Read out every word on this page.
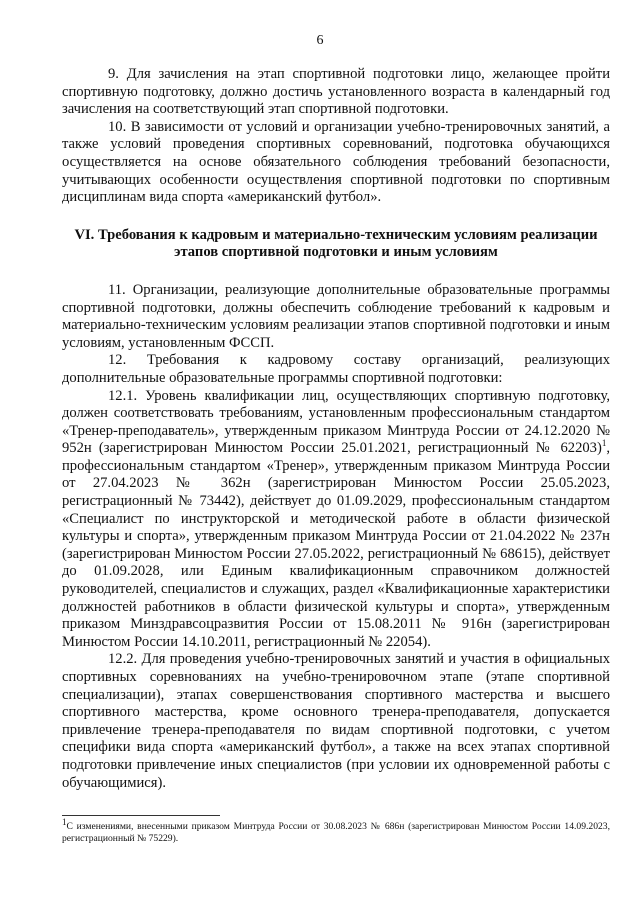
6

9. Для зачисления на этап спортивной подготовки лицо, желающее пройти спортивную подготовку, должно достичь установленного возраста в календарный год зачисления на соответствующий этап спортивной подготовки.

10. В зависимости от условий и организации учебно-тренировочных занятий, а также условий проведения спортивных соревнований, подготовка обучающихся осуществляется на основе обязательного соблюдения требований безопасности, учитывающих особенности осуществления спортивной подготовки по спортивным дисциплинам вида спорта «американский футбол».

VI. Требования к кадровым и материально-техническим условиям реализации этапов спортивной подготовки и иным условиям

11. Организации, реализующие дополнительные образовательные программы спортивной подготовки, должны обеспечить соблюдение требований к кадровым и материально-техническим условиям реализации этапов спортивной подготовки и иным условиям, установленным ФССП.

12. Требования к кадровому составу организаций, реализующих дополнительные образовательные программы спортивной подготовки:

12.1. Уровень квалификации лиц, осуществляющих спортивную подготовку, должен соответствовать требованиям, установленным профессиональным стандартом «Тренер-преподаватель», утвержденным приказом Минтруда России от 24.12.2020 № 952н (зарегистрирован Минюстом России 25.01.2021, регистрационный № 62203)$^1$, профессиональным стандартом «Тренер», утвержденным приказом Минтруда России от 27.04.2023 № 362н (зарегистрирован Минюстом России 25.05.2023, регистрационный № 73442), действует до 01.09.2029, профессиональным стандартом «Специалист по инструкторской и методической работе в области физической культуры и спорта», утвержденным приказом Минтруда России от 21.04.2022 № 237н (зарегистрирован Минюстом России 27.05.2022, регистрационный № 68615), действует до 01.09.2028, или Единым квалификационным справочником должностей руководителей, специалистов и служащих, раздел «Квалификационные характеристики должностей работников в области физической культуры и спорта», утвержденным приказом Минздравсоцразвития России от 15.08.2011 № 916н (зарегистрирован Минюстом России 14.10.2011, регистрационный № 22054).

12.2. Для проведения учебно-тренировочных занятий и участия в официальных спортивных соревнованиях на учебно-тренировочном этапе (этапе спортивной специализации), этапах совершенствования спортивного мастерства и высшего спортивного мастерства, кроме основного тренера-преподавателя, допускается привлечение тренера-преподавателя по видам спортивной подготовки, с учетом специфики вида спорта «американский футбол», а также на всех этапах спортивной подготовки привлечение иных специалистов (при условии их одновременной работы с обучающимися).

$^1$С изменениями, внесенными приказом Минтруда России от 30.08.2023 № 686н (зарегистрирован Минюстом России 14.09.2023, регистрационный № 75229).
